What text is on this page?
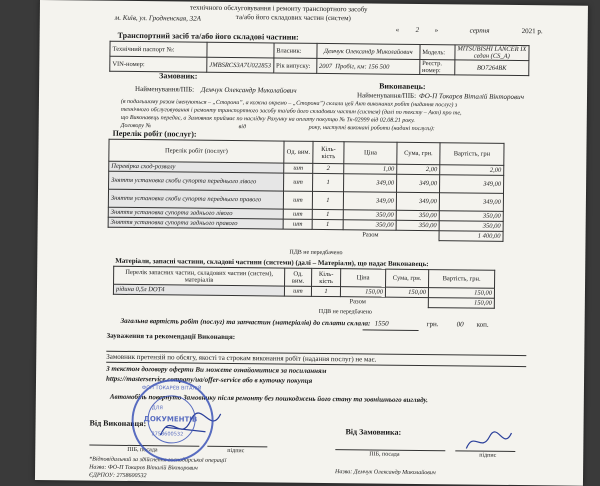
технічного обслуговування і ремонту транспортного засобу
та/або його складових частин (систем)
м. Київ, ул. Гродненская, 32А
« 2 »	серпня	2021 р.
Транспортний засіб та/або його складові частини:
Технічний паспорт №:		Власник:	Демчук Олександр Миколайович	Модель:	MITSUBISHI LANCER IX седан (CS_A)
VIN-номер:	JMBSRCS3A7U022853	Рік випуску:	2007 Пробіг, км: 156 500	Реєстр. номер:	ВО7264ВК
Замовник:
Виконавець:
Найменування/ПІБ: Демчук Олександр Миколайович
Найменування/ПІБ: ФО-П Токарєв Віталій Вікторович
(в подальшому разом іменуються – „Сторони”, а кожна окремо – „Сторона”) склали цей Акт виконаних робіт (надання послуг) з
технічного обслуговування і ремонту транспортного засобу та/або його складових частин (систем) (далі по тексту – Акт) про те,
що Виконавець передає, а Замовник приймає по наслідку Рахунку на оплату покупцю № Тк-02999 від 02.08.21 року.
Договору №	від	року, наступні виконані роботи (надані послуги):
Перелік робіт (послуг):
Перелік робіт (послуг)	Од. вим.	Кіль-кість	Ціна	Сума, грн.	Вартість, грн
Перевірка сход-розвалу	шт	2	1,00	2,00	2,00
Зняття установка скоби супорта переднього лівого	шт	1	349,00	349,00	349,00
Зняття установка скоби супорта переднього правого	шт	1	349,00	349,00	349,00
Зняття установка супорта заднього лівого	шт	1	350,00	350,00	350,00
Зняття установка супорта заднього правого	шт	1	350,00	350,00	350,00
Разом					1 400,00
ПДВ не передбачено
Матеріали, запасні частини, складові частини (системи) (далі – Матеріали), що надає Виконавець:
Перелік запасних частин, складових частин (систем), матеріалів	Од. вим.	Кіль-кість	Ціна	Сума, грн.	Вартість, грн.
рідина 0,5л DOT4	шт	1	150,00	150,00	150,00
Разом					150,00
ПДВ не передбачено
Загальна вартість робіт (послуг) та запчастин (матеріалів) до сплати склала: 1550	грн.	00 коп.
Зауваження та рекомендації Виконавця:
Замовник претензій по обсягу, якості та строкам виконання робіт (надання послуг) не має.
З текстом договору оферти Ви можете ознайомитися за посиланням
https://masterservice.company/ua/offer-service або в куточку покупця
Автомобіль повернуто Замовнику після ремонту без пошкоджень його стану та зовнішнього вигляду.
Від Виконавця:
Від Замовника:
ПІБ, посада	підпис
ПІБ, посада	підпис
*Відповідальний за здійснення господарської операції
Назва: ФО-П Токарєв Віталій Вікторович
Назва: Демчук Олександр Миколайович
ЄДРПОУ: 2758600532
ФОП ТОКАРЄВ ВІТАЛІЙ
ДЛЯ
ДОКУМЕНТІВ
2758600532
